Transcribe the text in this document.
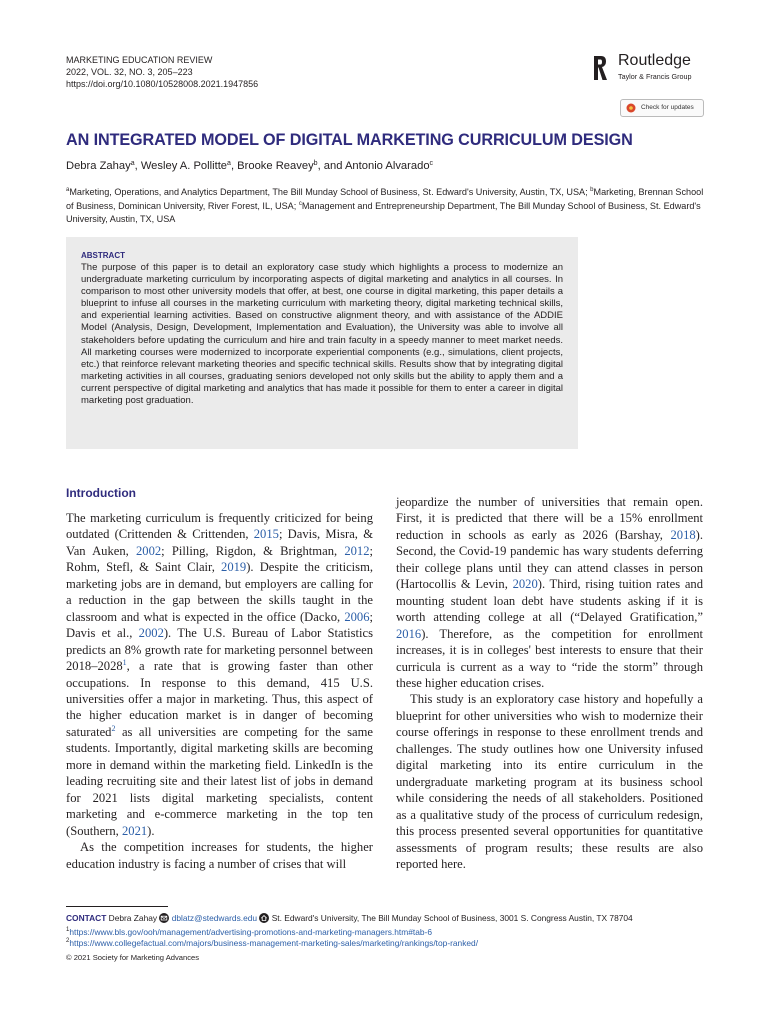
MARKETING EDUCATION REVIEW
2022, VOL. 32, NO. 3, 205–223
https://doi.org/10.1080/10528008.2021.1947856
Routledge
Taylor & Francis Group
Check for updates
AN INTEGRATED MODEL OF DIGITAL MARKETING CURRICULUM DESIGN
Debra Zahay$^a$, Wesley A. Pollitte$^a$, Brooke Reavey$^b$, and Antonio Alvarado$^c$
$^a$Marketing, Operations, and Analytics Department, The Bill Munday School of Business, St. Edward's University, Austin, TX, USA; $^b$Marketing, Brennan School of Business, Dominican University, River Forest, IL, USA; $^c$Management and Entrepreneurship Department, The Bill Munday School of Business, St. Edward's University, Austin, TX, USA
ABSTRACT
The purpose of this paper is to detail an exploratory case study which highlights a process to modernize an undergraduate marketing curriculum by incorporating aspects of digital marketing and analytics in all courses. In comparison to most other university models that offer, at best, one course in digital marketing, this paper details a blueprint to infuse all courses in the marketing curriculum with marketing theory, digital marketing technical skills, and experiential learning activities. Based on constructive alignment theory, and with assistance of the ADDIE Model (Analysis, Design, Development, Implementation and Evaluation), the University was able to involve all stakeholders before updating the curriculum and hire and train faculty in a speedy manner to meet market needs. All marketing courses were modernized to incorporate experiential components (e.g., simulations, client projects, etc.) that reinforce relevant marketing theories and specific technical skills. Results show that by integrating digital marketing activities in all courses, graduating seniors developed not only skills but the ability to apply them and a current perspective of digital marketing and analytics that has made it possible for them to enter a career in digital marketing post graduation.
Introduction

The marketing curriculum is frequently criticized for being outdated (Crittenden & Crittenden, 2015; Davis, Misra, & Van Auken, 2002; Pilling, Rigdon, & Brightman, 2012; Rohm, Stefl, & Saint Clair, 2019). Despite the criticism, marketing jobs are in demand, but employers are calling for a reduction in the gap between the skills taught in the classroom and what is expected in the office (Dacko, 2006; Davis et al., 2002). The U.S. Bureau of Labor Statistics predicts an 8% growth rate for marketing personnel between 2018–2028$^1$, a rate that is growing faster than other occupations. In response to this demand, 415 U.S. universities offer a major in marketing. Thus, this aspect of the higher education market is in danger of becoming saturated$^2$ as all universities are competing for the same students. Importantly, digital marketing skills are becoming more in demand within the marketing field. LinkedIn is the leading recruiting site and their latest list of jobs in demand for 2021 lists digital marketing specialists, content marketing and e-commerce marketing in the top ten (Southern, 2021).

As the competition increases for students, the higher education industry is facing a number of crises that will

jeopardize the number of universities that remain open. First, it is predicted that there will be a 15% enrollment reduction in schools as early as 2026 (Barshay, 2018). Second, the Covid-19 pandemic has wary students deferring their college plans until they can attend classes in person (Hartocollis & Levin, 2020). Third, rising tuition rates and mounting student loan debt have students asking if it is worth attending college at all (“Delayed Gratification,” 2016). Therefore, as the competition for enrollment increases, it is in colleges' best interests to ensure that their curricula is current as a way to “ride the storm” through these higher education crises.

This study is an exploratory case history and hopefully a blueprint for other universities who wish to modernize their course offerings in response to these enrollment trends and challenges. The study outlines how one University infused digital marketing into its entire curriculum in the undergraduate marketing program at its business school while considering the needs of all stakeholders. Positioned as a qualitative study of the process of curriculum redesign, this process presented several opportunities for quantitative assessments of program results; these results are also reported here.

CONTACT Debra Zahay dblatz@stedwards.edu St. Edward's University, The Bill Munday School of Business, 3001 S. Congress Austin, TX 78704
$^1$https://www.bls.gov/ooh/management/advertising-promotions-and-marketing-managers.htm#tab-6
$^2$https://www.collegefactual.com/majors/business-management-marketing-sales/marketing/rankings/top-ranked/
© 2021 Society for Marketing Advances
